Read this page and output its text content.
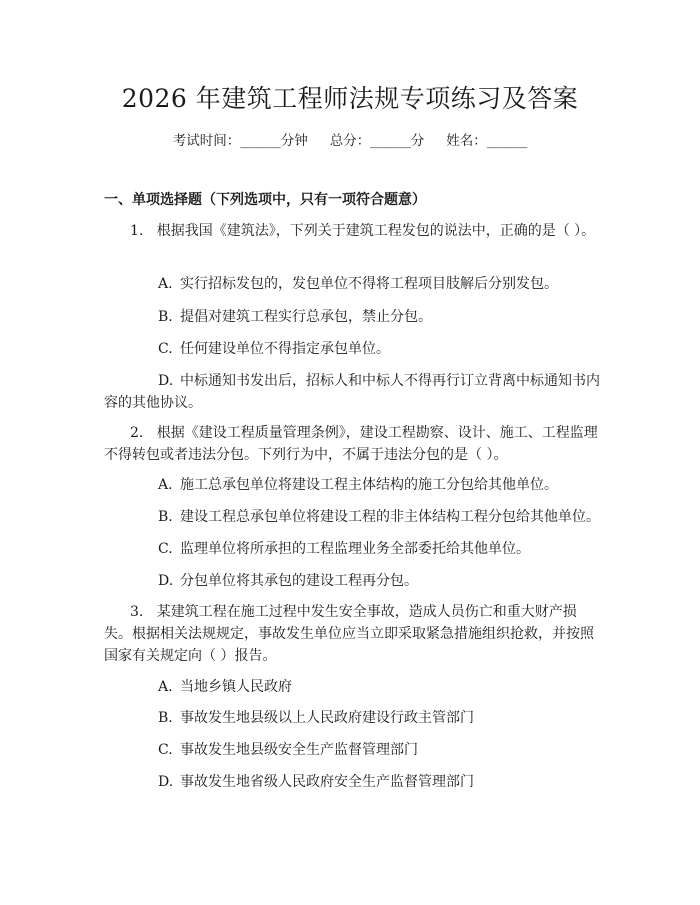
2026 年建筑工程师法规专项练习及答案
考试时间：______分钟 总分：______分 姓名：______
一、单项选择题（下列选项中，只有一项符合题意）
1. 根据我国《建筑法》，下列关于建筑工程发包的说法中，正确的是（ ）。
A. 实行招标发包的，发包单位不得将工程项目肢解后分别发包。
B. 提倡对建筑工程实行总承包，禁止分包。
C. 任何建设单位不得指定承包单位。
D. 中标通知书发出后，招标人和中标人不得再行订立背离中标通知书内容的其他协议。
2. 根据《建设工程质量管理条例》，建设工程勘察、设计、施工、工程监理不得转包或者违法分包。下列行为中，不属于违法分包的是（ ）。
A. 施工总承包单位将建设工程主体结构的施工分包给其他单位。
B. 建设工程总承包单位将建设工程的非主体结构工程分包给其他单位。
C. 监理单位将所承担的工程监理业务全部委托给其他单位。
D. 分包单位将其承包的建设工程再分包。
3. 某建筑工程在施工过程中发生安全事故，造成人员伤亡和重大财产损失。根据相关法规规定，事故发生单位应当立即采取紧急措施组织抢救，并按照国家有关规定向（ ）报告。
A. 当地乡镇人民政府
B. 事故发生地县级以上人民政府建设行政主管部门
C. 事故发生地县级安全生产监督管理部门
D. 事故发生地省级人民政府安全生产监督管理部门
